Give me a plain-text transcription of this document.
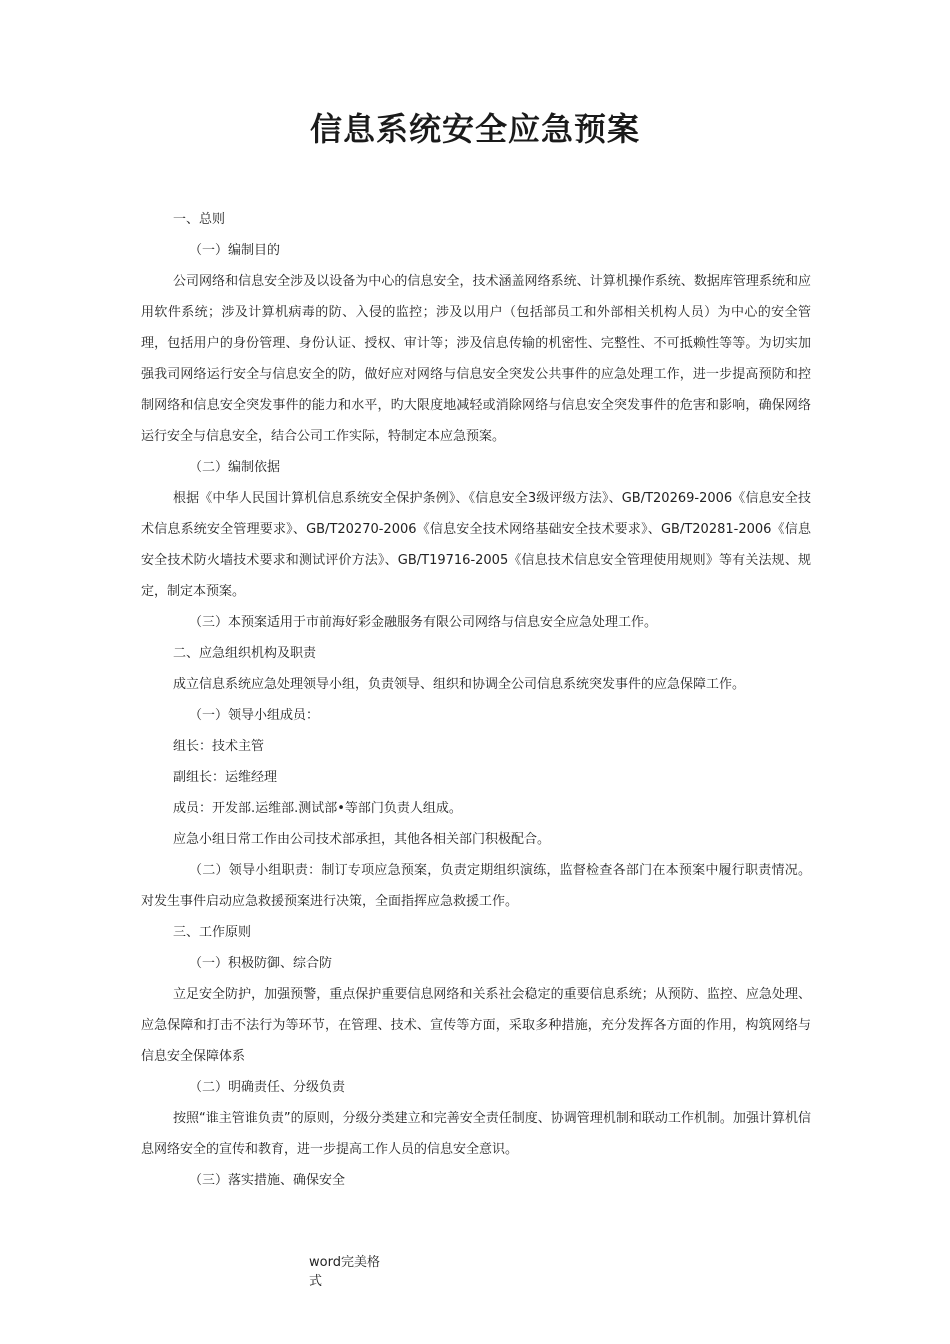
信息系统安全应急预案

一、总则

（一）编制目的

公司网络和信息安全涉及以设备为中心的信息安全，技术涵盖网络系统、计算机操作系统、数据库管理系统和应用软件系统；涉及计算机病毒的防、入侵的监控；涉及以用户（包括部员工和外部相关机构人员）为中心的安全管理，包括用户的身份管理、身份认证、授权、审计等；涉及信息传输的机密性、完整性、不可抵赖性等等。为切实加强我司网络运行安全与信息安全的防，做好应对网络与信息安全突发公共事件的应急处理工作，进一步提高预防和控制网络和信息安全突发事件的能力和水平，旳大限度地减轻或消除网络与信息安全突发事件的危害和影响，确保网络运行安全与信息安全，结合公司工作实际，特制定本应急预案。

（二）编制依据

根据《中华人民国计算机信息系统安全保护条例》、《信息安全3级评级方法》、GB/T20269-2006《信息安全技术信息系统安全管理要求》、GB/T20270-2006《信息安全技术网络基础安全技术要求》、GB/T20281-2006《信息安全技术防火墙技术要求和测试评价方法》、GB/T19716-2005《信息技术信息安全管理使用规则》等有关法规、规定，制定本预案。

（三）本预案适用于市前海好彩金融服务有限公司网络与信息安全应急处理工作。

二、应急组织机构及职责

成立信息系统应急处理领导小组，负责领导、组织和协调全公司信息系统突发事件的应急保障工作。

（一）领导小组成员：

组长：技术主管

副组长：运维经理

成员：开发部.运维部.测试部•等部门负责人组成。

应急小组日常工作由公司技术部承担，其他各相关部门积极配合。

（二）领导小组职责：制订专项应急预案，负责定期组织演练，监督检查各部门在本预案中履行职责情况。对发生事件启动应急救援预案进行决策，全面指挥应急救援工作。

三、工作原则

（一）积极防御、综合防

立足安全防护，加强预警，重点保护重要信息网络和关系社会稳定的重要信息系统；从预防、监控、应急处理、应急保障和打击不法行为等环节，在管理、技术、宣传等方面，采取多种措施，充分发挥各方面的作用，构筑网络与信息安全保障体系

（二）明确责任、分级负责

按照“谁主管谁负责”的原则，分级分类建立和完善安全责任制度、协调管理机制和联动工作机制。加强计算机信息网络安全的宣传和教育，进一步提高工作人员的信息安全意识。

（三）落实措施、确保安全

word完美格式
